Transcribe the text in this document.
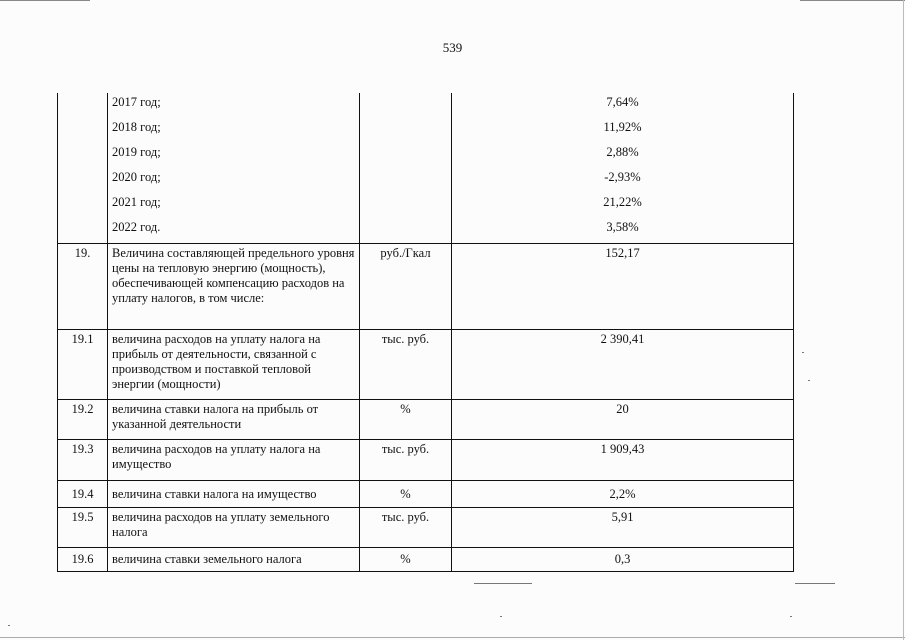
539
	2017 год;		7,64%
	2018 год;		11,92%
	2019 год;		2,88%
	2020 год;		-2,93%
	2021 год;		21,22%
	2022 год.		3,58%
19.	Величина составляющей предельного уровня цены на тепловую энергию (мощность), обеспечивающей компенсацию расходов на уплату налогов, в том числе:	руб./Гкал	152,17
19.1	величина расходов на уплату налога на прибыль от деятельности, связанной с производством и поставкой тепловой энергии (мощности)	тыс. руб.	2 390,41
19.2	величина ставки налога на прибыль от указанной деятельности	%	20
19.3	величина расходов на уплату налога на имущество	тыс. руб.	1 909,43
19.4	величина ставки налога на имущество	%	2,2%
19.5	величина расходов на уплату земельного налога	тыс. руб.	5,91
19.6	величина ставки земельного налога	%	0,3
